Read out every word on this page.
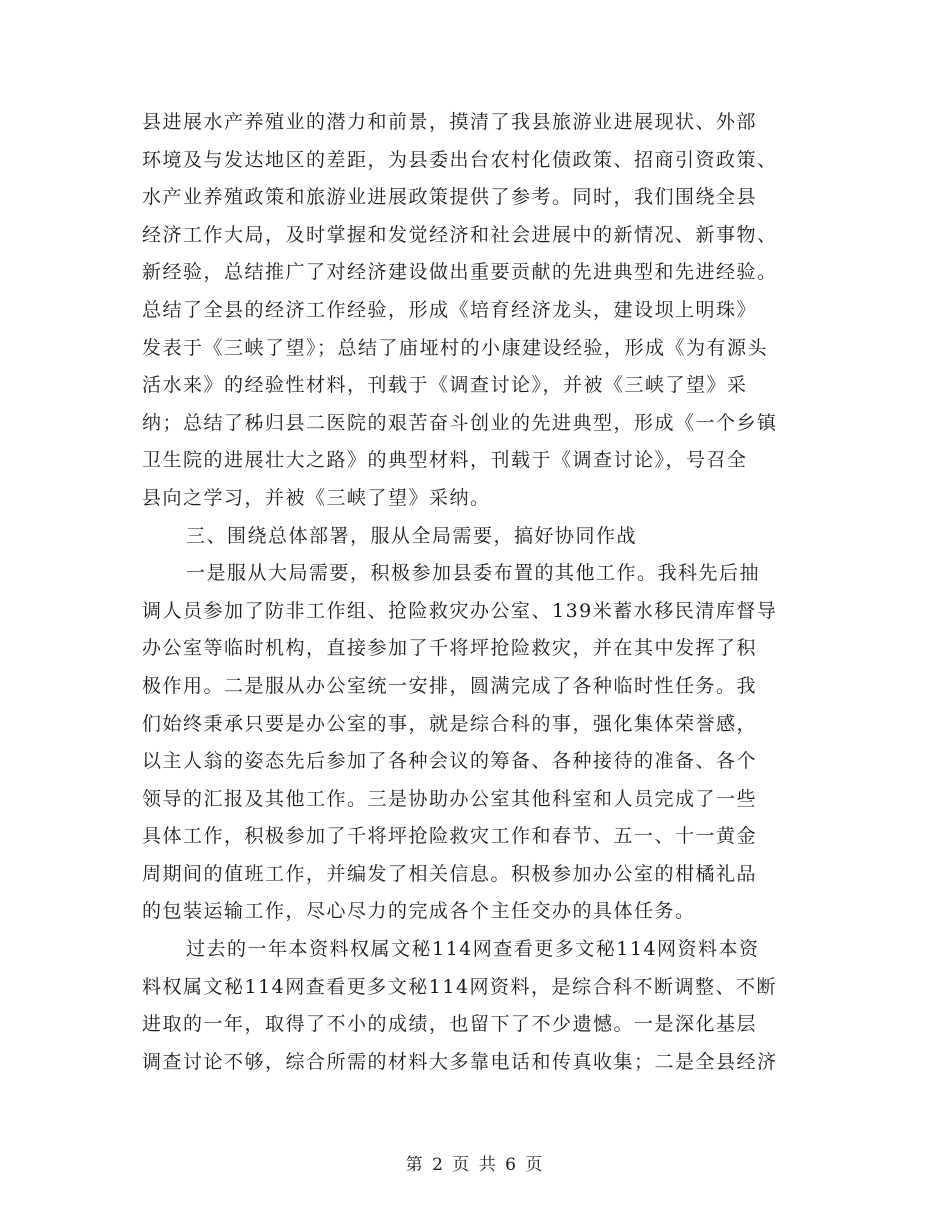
县进展水产养殖业的潜力和前景，摸清了我县旅游业进展现状、外部
环境及与发达地区的差距，为县委出台农村化债政策、招商引资政策、
水产业养殖政策和旅游业进展政策提供了参考。同时，我们围绕全县
经济工作大局，及时掌握和发觉经济和社会进展中的新情况、新事物、
新经验，总结推广了对经济建设做出重要贡献的先进典型和先进经验。
总结了全县的经济工作经验，形成《培育经济龙头，建设坝上明珠》
发表于《三峡了望》；总结了庙垭村的小康建设经验，形成《为有源头
活水来》的经验性材料，刊载于《调查讨论》，并被《三峡了望》采
纳；总结了秭归县二医院的艰苦奋斗创业的先进典型，形成《一个乡镇
卫生院的进展壮大之路》的典型材料，刊载于《调查讨论》，号召全
县向之学习，并被《三峡了望》采纳。
三、围绕总体部署，服从全局需要，搞好协同作战
一是服从大局需要，积极参加县委布置的其他工作。我科先后抽
调人员参加了防非工作组、抢险救灾办公室、139米蓄水移民清库督导
办公室等临时机构，直接参加了千将坪抢险救灾，并在其中发挥了积
极作用。二是服从办公室统一安排，圆满完成了各种临时性任务。我
们始终秉承只要是办公室的事，就是综合科的事，强化集体荣誉感，
以主人翁的姿态先后参加了各种会议的筹备、各种接待的准备、各个
领导的汇报及其他工作。三是协助办公室其他科室和人员完成了一些
具体工作，积极参加了千将坪抢险救灾工作和春节、五一、十一黄金
周期间的值班工作，并编发了相关信息。积极参加办公室的柑橘礼品
的包装运输工作，尽心尽力的完成各个主任交办的具体任务。
过去的一年本资料权属文秘114网查看更多文秘114网资料本资
料权属文秘114网查看更多文秘114网资料，是综合科不断调整、不断
进取的一年，取得了不小的成绩，也留下了不少遗憾。一是深化基层
调查讨论不够，综合所需的材料大多靠电话和传真收集；二是全县经济
第 2 页 共 6 页
